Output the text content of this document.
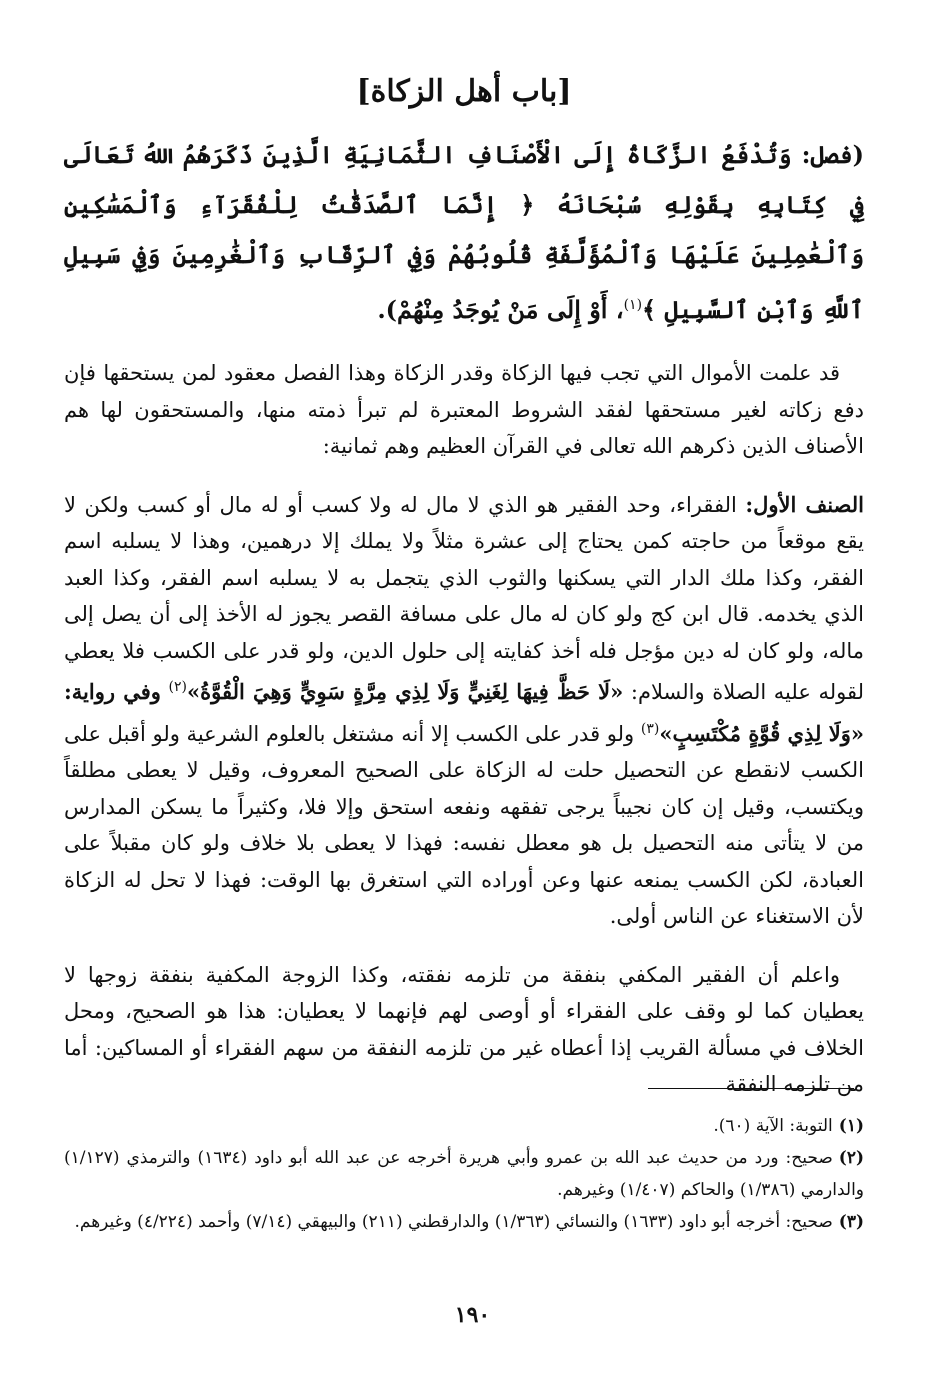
[باب أهل الزكاة]
(فصل: وَتُدْفَعُ الزَّكَاةُ إِلَى الْأَصْنَافِ الثَّمَانِيَةِ الَّذِينَ ذَكَرَهُمُ اللهُ تَعَالَى فِي كِتَابِهِ بِقَوْلِهِ سُبْحَانَهُ ﴿ إِنَّمَا ٱلصَّدَقَٰتُ لِلْفُقَرَآءِ وَٱلْمَسَٰكِينِ وَٱلْعَٰمِلِينَ عَلَيْهَا وَٱلْمُؤَلَّفَةِ قُلُوبُهُمْ وَفِي ٱلرِّقَابِ وَٱلْغَٰرِمِينَ وَفِي سَبِيلِ ٱللَّهِ وَٱبْنِ ٱلسَّبِيلِ ﴾$^{(١)}$، أَوْ إِلَى مَنْ يُوجَدُ مِنْهُمْ).

قد علمت الأموال التي تجب فيها الزكاة وقدر الزكاة وهذا الفصل معقود لمن يستحقها فإن دفع زكاته لغير مستحقها لفقد الشروط المعتبرة لم تبرأ ذمته منها، والمستحقون لها هم الأصناف الذين ذكرهم الله تعالى في القرآن العظيم وهم ثمانية:

الصنف الأول: الفقراء، وحد الفقير هو الذي لا مال له ولا كسب أو له مال أو كسب ولكن لا يقع موقعاً من حاجته كمن يحتاج إلى عشرة مثلاً ولا يملك إلا درهمين، وهذا لا يسلبه اسم الفقر، وكذا ملك الدار التي يسكنها والثوب الذي يتجمل به لا يسلبه اسم الفقر، وكذا العبد الذي يخدمه. قال ابن كج ولو كان له مال على مسافة القصر يجوز له الأخذ إلى أن يصل إلى ماله، ولو كان له دين مؤجل فله أخذ كفايته إلى حلول الدين، ولو قدر على الكسب فلا يعطي لقوله عليه الصلاة والسلام: «لَا حَظَّ فِيهَا لِغَنِيٍّ وَلَا لِذِي مِرَّةٍ سَوِيٍّ وَهِيَ الْقُوَّةُ»$^{(٢)}$ وفي رواية: «وَلَا لِذِي قُوَّةٍ مُكْتَسِبٍ»$^{(٣)}$ ولو قدر على الكسب إلا أنه مشتغل بالعلوم الشرعية ولو أقبل على الكسب لانقطع عن التحصيل حلت له الزكاة على الصحيح المعروف، وقيل لا يعطى مطلقاً ويكتسب، وقيل إن كان نجيباً يرجى تفقهه ونفعه استحق وإلا فلا، وكثيراً ما يسكن المدارس من لا يتأتى منه التحصيل بل هو معطل نفسه: فهذا لا يعطى بلا خلاف ولو كان مقبلاً على العبادة، لكن الكسب يمنعه عنها وعن أوراده التي استغرق بها الوقت: فهذا لا تحل له الزكاة لأن الاستغناء عن الناس أولى.

واعلم أن الفقير المكفي بنفقة من تلزمه نفقته، وكذا الزوجة المكفية بنفقة زوجها لا يعطيان كما لو وقف على الفقراء أو أوصى لهم فإنهما لا يعطيان: هذا هو الصحيح، ومحل الخلاف في مسألة القريب إذا أعطاه غير من تلزمه النفقة من سهم الفقراء أو المساكين: أما من تلزمه النفقة

(١)التوبة: الآية (٦٠).

(٢)صحيح: ورد من حديث عبد الله بن عمرو وأبي هريرة أخرجه عن عبد الله أبو داود (١٦٣٤) والترمذي (١/١٢٧) والدارمي (١/٣٨٦) والحاكم (١/٤٠٧) وغيرهم.

(٣)صحيح: أخرجه أبو داود (١٦٣٣) والنسائي (١/٣٦٣) والدارقطني (٢١١) والبيهقي (٧/١٤) وأحمد (٤/٢٢٤) وغيرهم.

١٩٠
